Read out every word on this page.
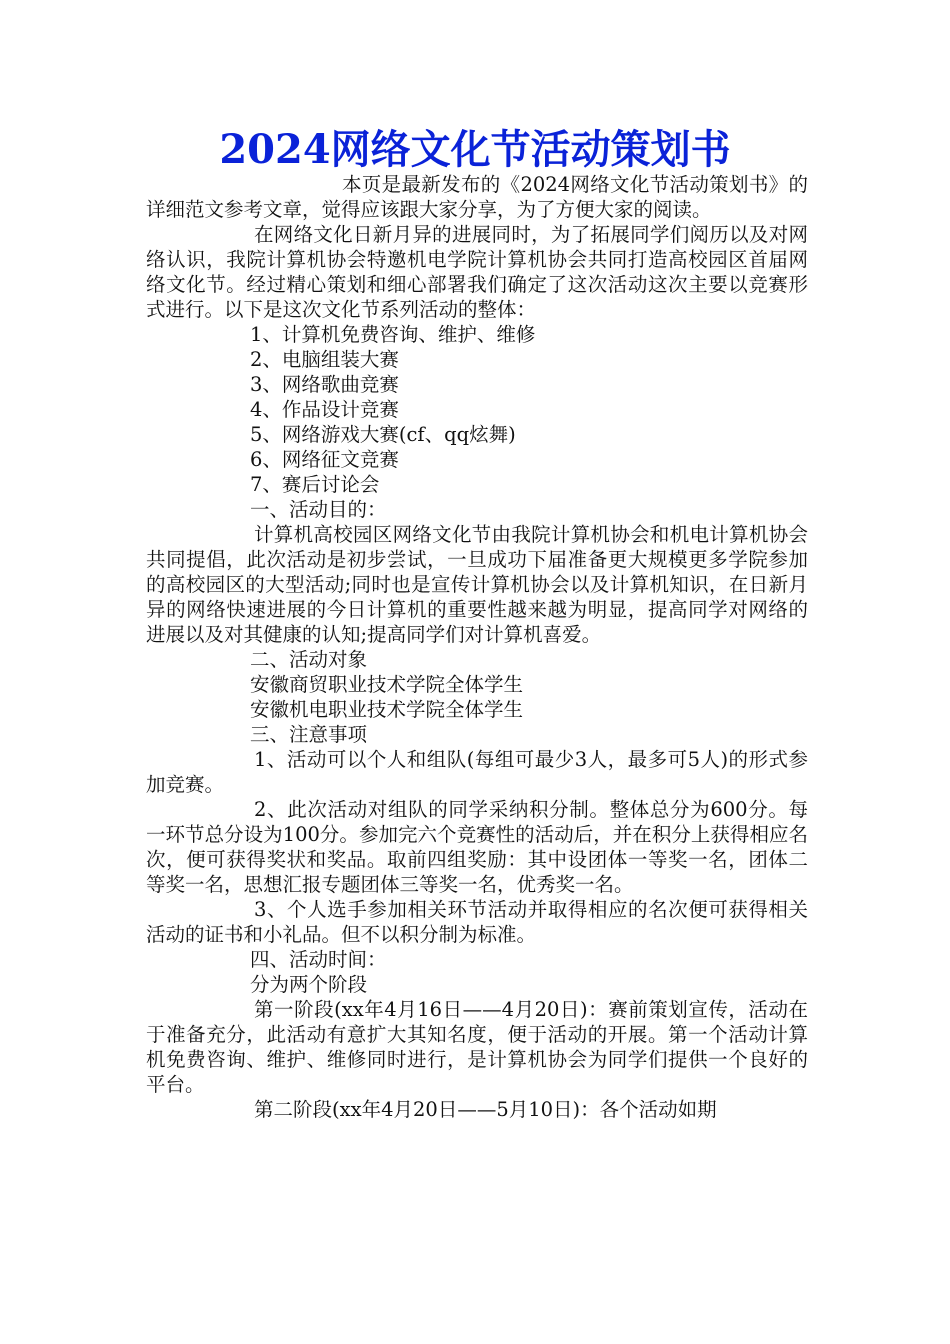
2024网络文化节活动策划书

本页是最新发布的《2024网络文化节活动策划书》的详细范文参考文章，觉得应该跟大家分享，为了方便大家的阅读。

在网络文化日新月异的进展同时，为了拓展同学们阅历以及对网络认识，我院计算机协会特邀机电学院计算机协会共同打造高校园区首届网络文化节。经过精心策划和细心部署我们确定了这次活动这次主要以竞赛形式进行。以下是这次文化节系列活动的整体：

1、计算机免费咨询、维护、维修

2、电脑组装大赛

3、网络歌曲竞赛

4、作品设计竞赛

5、网络游戏大赛(cf、qq炫舞)

6、网络征文竞赛

7、赛后讨论会

一、活动目的：

计算机高校园区网络文化节由我院计算机协会和机电计算机协会共同提倡，此次活动是初步尝试，一旦成功下届准备更大规模更多学院参加的高校园区的大型活动;同时也是宣传计算机协会以及计算机知识，在日新月异的网络快速进展的今日计算机的重要性越来越为明显，提高同学对网络的进展以及对其健康的认知;提高同学们对计算机喜爱。

二、活动对象

安徽商贸职业技术学院全体学生

安徽机电职业技术学院全体学生

三、注意事项

1、活动可以个人和组队(每组可最少3人，最多可5人)的形式参加竞赛。

2、此次活动对组队的同学采纳积分制。整体总分为600分。每一环节总分设为100分。参加完六个竞赛性的活动后，并在积分上获得相应名次，便可获得奖状和奖品。取前四组奖励：其中设团体一等奖一名，团体二等奖一名，思想汇报专题团体三等奖一名，优秀奖一名。

3、个人选手参加相关环节活动并取得相应的名次便可获得相关活动的证书和小礼品。但不以积分制为标准。

四、活动时间：

分为两个阶段

第一阶段(xx年4月16日——4月20日)：赛前策划宣传，活动在于准备充分，此活动有意扩大其知名度，便于活动的开展。第一个活动计算机免费咨询、维护、维修同时进行，是计算机协会为同学们提供一个良好的平台。

第二阶段(xx年4月20日——5月10日)：各个活动如期
